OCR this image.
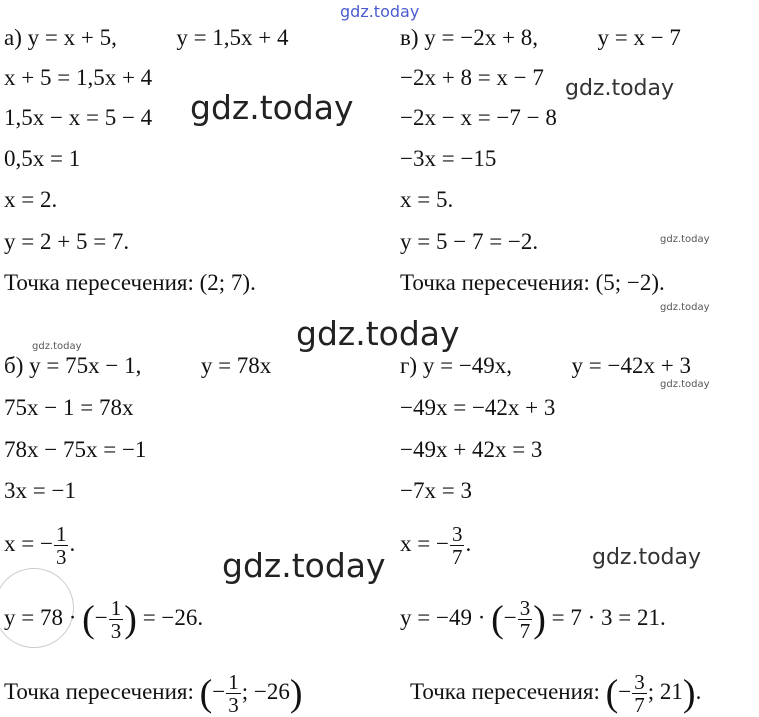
gdz.today
gdz.today	gdz.today
gdz.today
gdz.today	gdz.today
gdz.today
gdz.today
gdz.today
gdz.today
а) y = x + 5,	y = 1,5x + 4
x + 5 = 1,5x + 4
1,5x − x = 5 − 4
0,5x = 1
x = 2.
y = 2 + 5 = 7.
Точка пересечения: (2; 7).
в) y = −2x + 8,	y = x − 7
−2x + 8 = x − 7
−2x − x = −7 − 8
−3x = −15
x = 5.
y = 5 − 7 = −2.
Точка пересечения: (5; −2).
б) y = 75x − 1,	y = 78x
75x − 1 = 78x
78x − 75x = −1
3x = −1
x = − $\frac{1}{3}$ .
y = 78 · (− $\frac{1}{3}$ ) = −26.
Точка пересечения: (− $\frac{1}{3}$ ; −26)
г) y = −49x,	y = −42x + 3
−49x = −42x + 3
−49x + 42x = 3
−7x = 3
x = − $\frac{3}{7}$ .
y = −49 · (− $\frac{3}{7}$ ) = 7 · 3 = 21.
Точка пересечения: (− $\frac{3}{7}$ ; 21).
